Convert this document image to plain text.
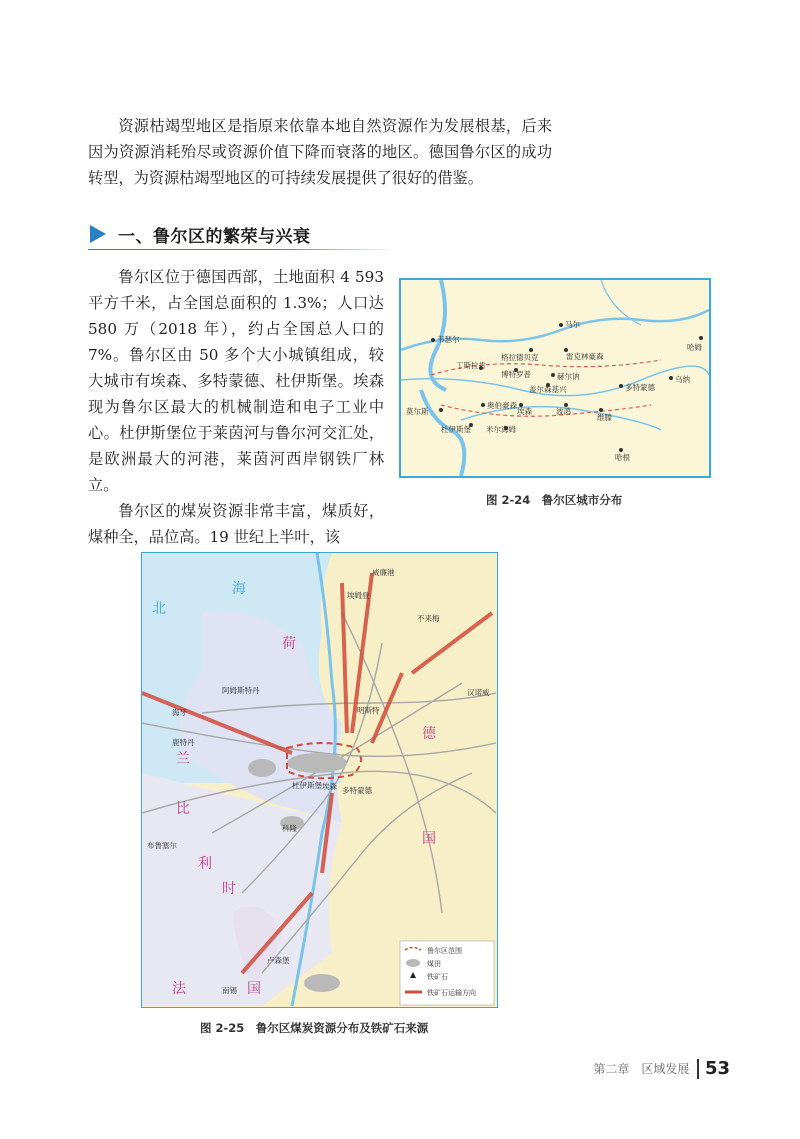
资源枯竭型地区是指原来依靠本地自然资源作为发展根基，后来因为资源消耗殆尽或资源价值下降而衰落的地区。德国鲁尔区的成功转型，为资源枯竭型地区的可持续发展提供了很好的借鉴。

一、鲁尔区的繁荣与兴衰

鲁尔区位于德国西部，土地面积 4 593 平方千米，占全国总面积的 1.3%；人口达 580 万（2018 年），约占全国总人口的 7%。鲁尔区由 50 多个大小城镇组成，较大城市有埃森、多特蒙德、杜伊斯堡。埃森现为鲁尔区最大的机械制造和电子工业中心。杜伊斯堡位于莱茵河与鲁尔河交汇处，是欧洲最大的河港，莱茵河西岸钢铁厂林立。

鲁尔区的煤炭资源非常丰富，煤质好，煤种全，品位高。19 世纪上半叶，该

韦瑟尔
马尔
哈姆
格拉德贝克	雷克林豪森
丁斯拉肯
博特罗普	赫尔讷
多特蒙德
奥伯豪森
盖尔森基兴
乌纳
莫尔斯	埃森	波鸿
杜伊斯堡 米尔海姆
维滕
哈根
图 2-24　鲁尔区城市分布
威廉港
埃姆登
不来梅
汉诺威
阿姆斯特丹
海牙
鹿特丹
明斯特
多特蒙德
杜伊斯堡 埃森
科隆
布鲁塞尔
卢森堡
南锡
荷
兰
比
利
时
法	国
德
国
北
海
鲁尔区范围
煤田
铁矿石
铁矿石运输方向
图 2-25　鲁尔区煤炭资源分布及铁矿石来源
第二章　区域发展 53
